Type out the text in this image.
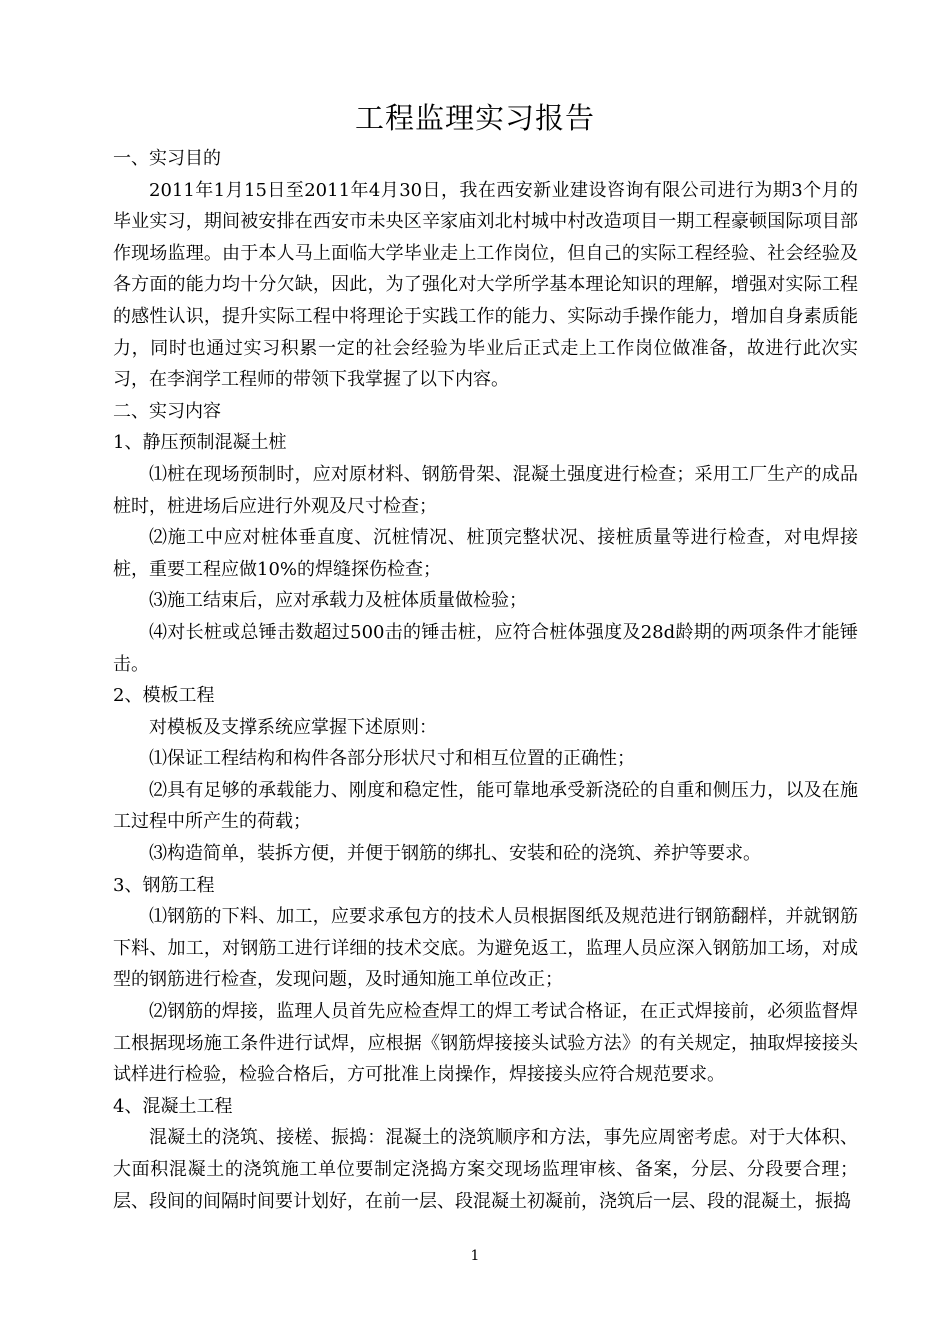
工程监理实习报告

一、实习目的

2011年1月15日至2011年4月30日，我在西安新业建设咨询有限公司进行为期3个月的毕业实习，期间被安排在西安市未央区辛家庙刘北村城中村改造项目一期工程豪顿国际项目部作现场监理。由于本人马上面临大学毕业走上工作岗位，但自己的实际工程经验、社会经验及各方面的能力均十分欠缺，因此，为了强化对大学所学基本理论知识的理解，增强对实际工程的感性认识，提升实际工程中将理论于实践工作的能力、实际动手操作能力，增加自身素质能力，同时也通过实习积累一定的社会经验为毕业后正式走上工作岗位做准备，故进行此次实习，在李润学工程师的带领下我掌握了以下内容。

二、实习内容

1、静压预制混凝土桩

⑴桩在现场预制时，应对原材料、钢筋骨架、混凝土强度进行检查；采用工厂生产的成品桩时，桩进场后应进行外观及尺寸检查；

⑵施工中应对桩体垂直度、沉桩情况、桩顶完整状况、接桩质量等进行检查，对电焊接桩，重要工程应做10%的焊缝探伤检查；

⑶施工结束后，应对承载力及桩体质量做检验；

⑷对长桩或总锤击数超过500击的锤击桩，应符合桩体强度及28d龄期的两项条件才能锤击。

2、模板工程

对模板及支撑系统应掌握下述原则：

⑴保证工程结构和构件各部分形状尺寸和相互位置的正确性；

⑵具有足够的承载能力、刚度和稳定性，能可靠地承受新浇砼的自重和侧压力，以及在施工过程中所产生的荷载；

⑶构造简单，装拆方便，并便于钢筋的绑扎、安装和砼的浇筑、养护等要求。

3、钢筋工程

⑴钢筋的下料、加工，应要求承包方的技术人员根据图纸及规范进行钢筋翻样，并就钢筋下料、加工，对钢筋工进行详细的技术交底。为避免返工，监理人员应深入钢筋加工场，对成型的钢筋进行检查，发现问题，及时通知施工单位改正；

⑵钢筋的焊接，监理人员首先应检查焊工的焊工考试合格证，在正式焊接前，必须监督焊工根据现场施工条件进行试焊，应根据《钢筋焊接接头试验方法》的有关规定，抽取焊接接头试样进行检验，检验合格后，方可批准上岗操作，焊接接头应符合规范要求。

4、混凝土工程

混凝土的浇筑、接槎、振捣：混凝土的浇筑顺序和方法，事先应周密考虑。对于大体积、大面积混凝土的浇筑施工单位要制定浇捣方案交现场监理审核、备案，分层、分段要合理；层、段间的间隔时间要计划好，在前一层、段混凝土初凝前，浇筑后一层、段的混凝土，振捣

1
